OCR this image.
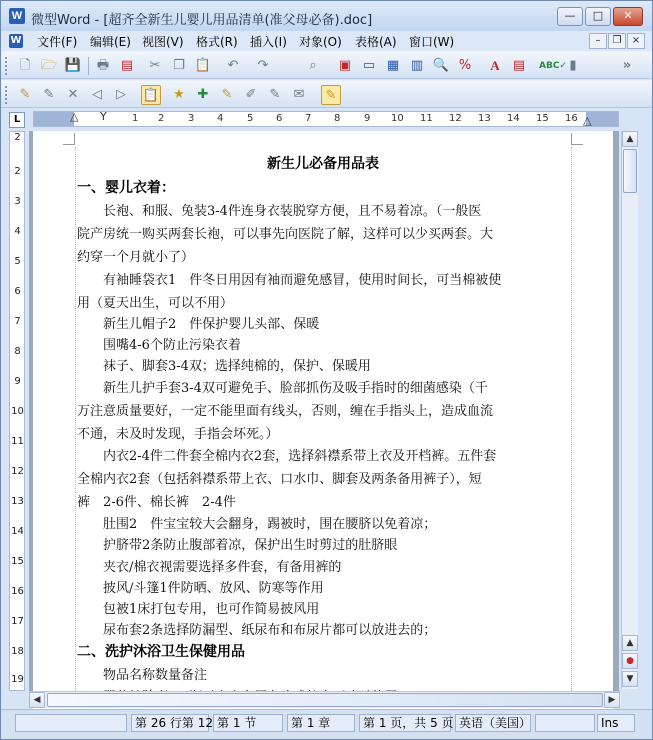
W 微型Word - [超齐全新生儿婴儿用品清单(准父母必备).doc]	—	□	✕
W 文件(F) 编辑(E) 视图(V) 格式(R) 插入(I) 对象(O) 表格(A) 窗口(W)	–	❐	×
🗋 🗁 💾 🖶 ▤	✂ ❐ 📋	↶	↷	⌕	▣ ▭ ▦ ▥ 🔍 %	A	▤	ABC✓ ▮	»
✎	✎	✕	◁	▷	📋	★ ✚	✎	✐	✎	✉	✎
L	1 2 3 4 5 6 7 8 9 10 11 12 13 14 15 16
△ Y	△
2
2
3
4
5
6
7
8
9
10
11
12
13
14
15
16
17
18
19
新生儿必备用品表
一、婴儿衣着：
　　长袍、和服、兔装3-4件连身衣装脱穿方便，且不易着凉。（一般医
院产房统一购买两套长袍，可以事先向医院了解，这样可以少买两套。大
约穿一个月就小了）
　　有袖睡袋衣1　件冬日用因有袖而避免感冒，使用时间长，可当棉被使
用（夏天出生，可以不用）
　　新生儿帽子2　件保护婴儿头部、保暖
　　围嘴4-6个防止污染衣着
　　袜子、脚套3-4双；选择纯棉的，保护、保暖用
　　新生儿护手套3-4双可避免手、脸部抓伤及吸手指时的细菌感染（千
万注意质量要好，一定不能里面有线头，否则，缠在手指头上，造成血流
不通，未及时发现，手指会坏死。）
　　内衣2-4件二件套全棉内衣2套，选择斜襟系带上衣及开档裤。五件套
全棉内衣2套（包括斜襟系带上衣、口水巾、脚套及两条备用裤子），短
裤　2-6件、棉长裤　2-4件
　　肚围2　件宝宝较大会翻身，踢被时，围在腰脐以免着凉；
　　护脐带2条防止腹部着凉，保护出生时剪过的肚脐眼
　　夹衣/棉衣视需要选择多件套，有备用裤的
　　披风/斗篷1件防晒、放风、防寒等作用
　　包被1床打包专用，也可作简易披风用
　　尿布套2条选择防漏型、纸尿布和布尿片都可以放进去的；
二、洗护沐浴卫生保健用品
　　物品名称数量备注
▲
▲
●
▼
◀	▶
第 26 行第 12 第 1 节	第 1 章	第 1 页，共 5 页 英语（美国）	Ins
